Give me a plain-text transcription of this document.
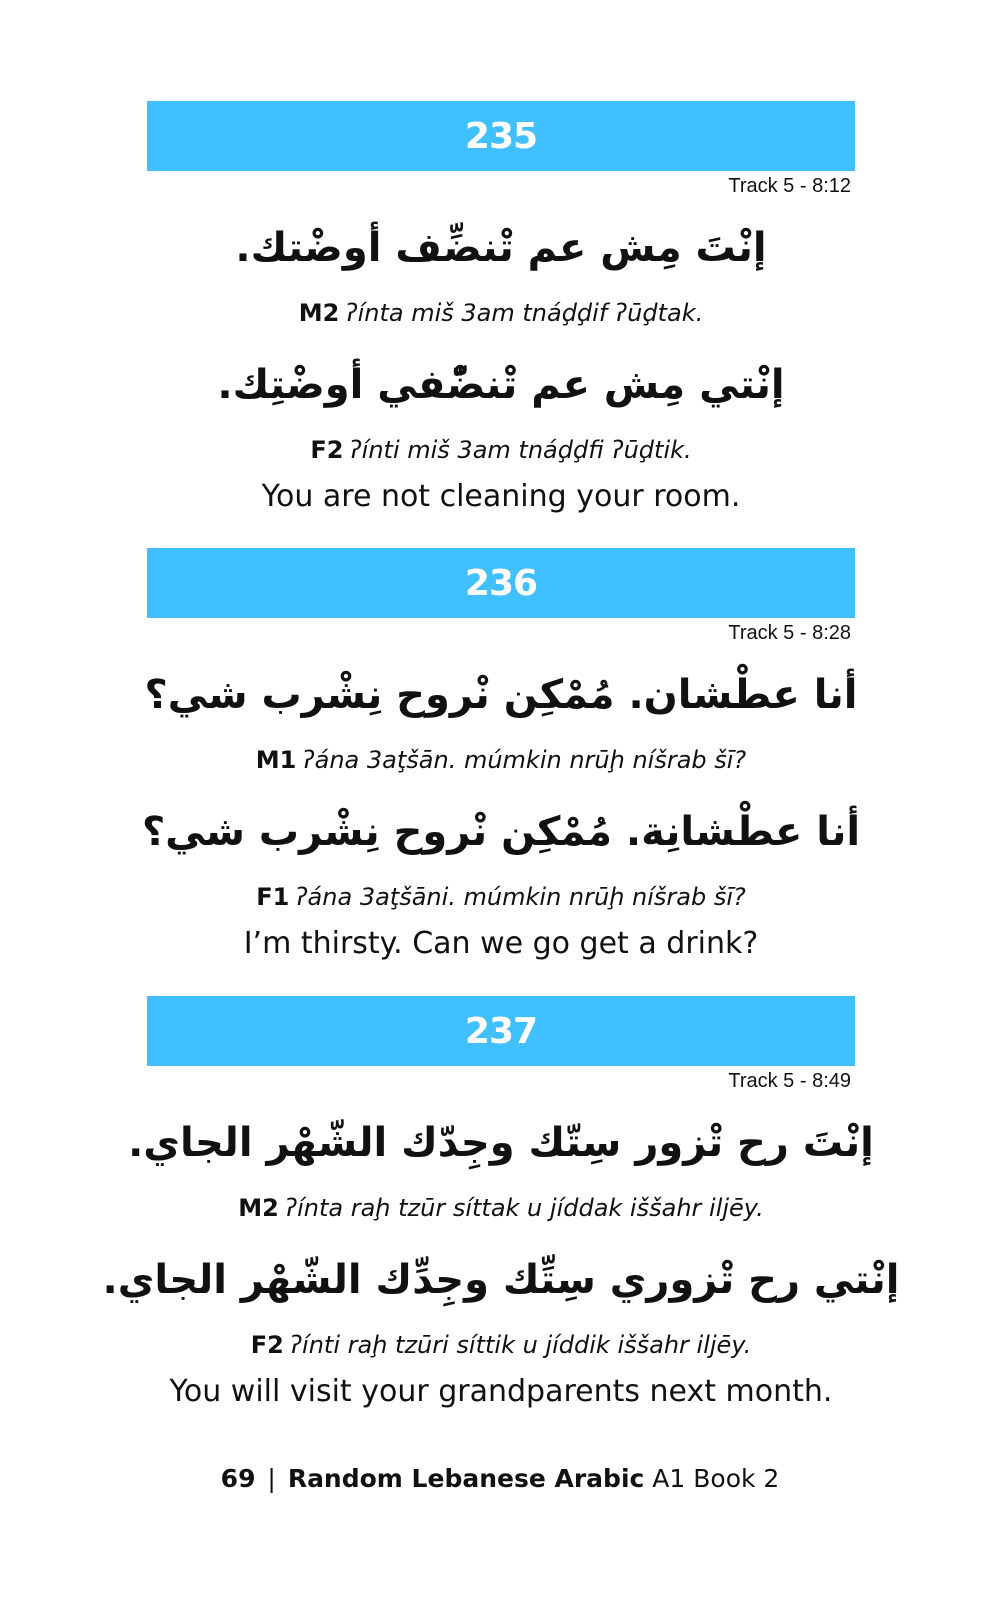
235
Track 5 - 8:12
إنْتَ مِش عم تْنضِّف أوضْتك.
M2 ʔínta miš 3am tnáḑḑif ʔūḑtak.
إنْتي مِش عم تْنضّْفي أوضْتِك.
F2 ʔínti miš 3am tnáḑḑfi ʔūḑtik.
You are not cleaning your room.
236
Track 5 - 8:28
أنا عطْشان. مُمْكِن نْروح نِشْرب شي؟
M1 ʔána 3aţšān. múmkin nrūḩ níšrab šī?
أنا عطْشانِة. مُمْكِن نْروح نِشْرب شي؟
F1 ʔána 3aţšāni. múmkin nrūḩ níšrab šī?
I’m thirsty. Can we go get a drink?
237
Track 5 - 8:49
إنْتَ رح تْزور سِتّك وجِدّك الشّهْر الجاي.
M2 ʔínta raḩ tzūr síttak u jíddak iššahr iljēy.
إنْتي رح تْزوري سِتِّك وجِدِّك الشّهْر الجاي.
F2 ʔínti raḩ tzūri síttik u jíddik iššahr iljēy.
You will visit your grandparents next month.
69 | Random Lebanese Arabic A1 Book 2
